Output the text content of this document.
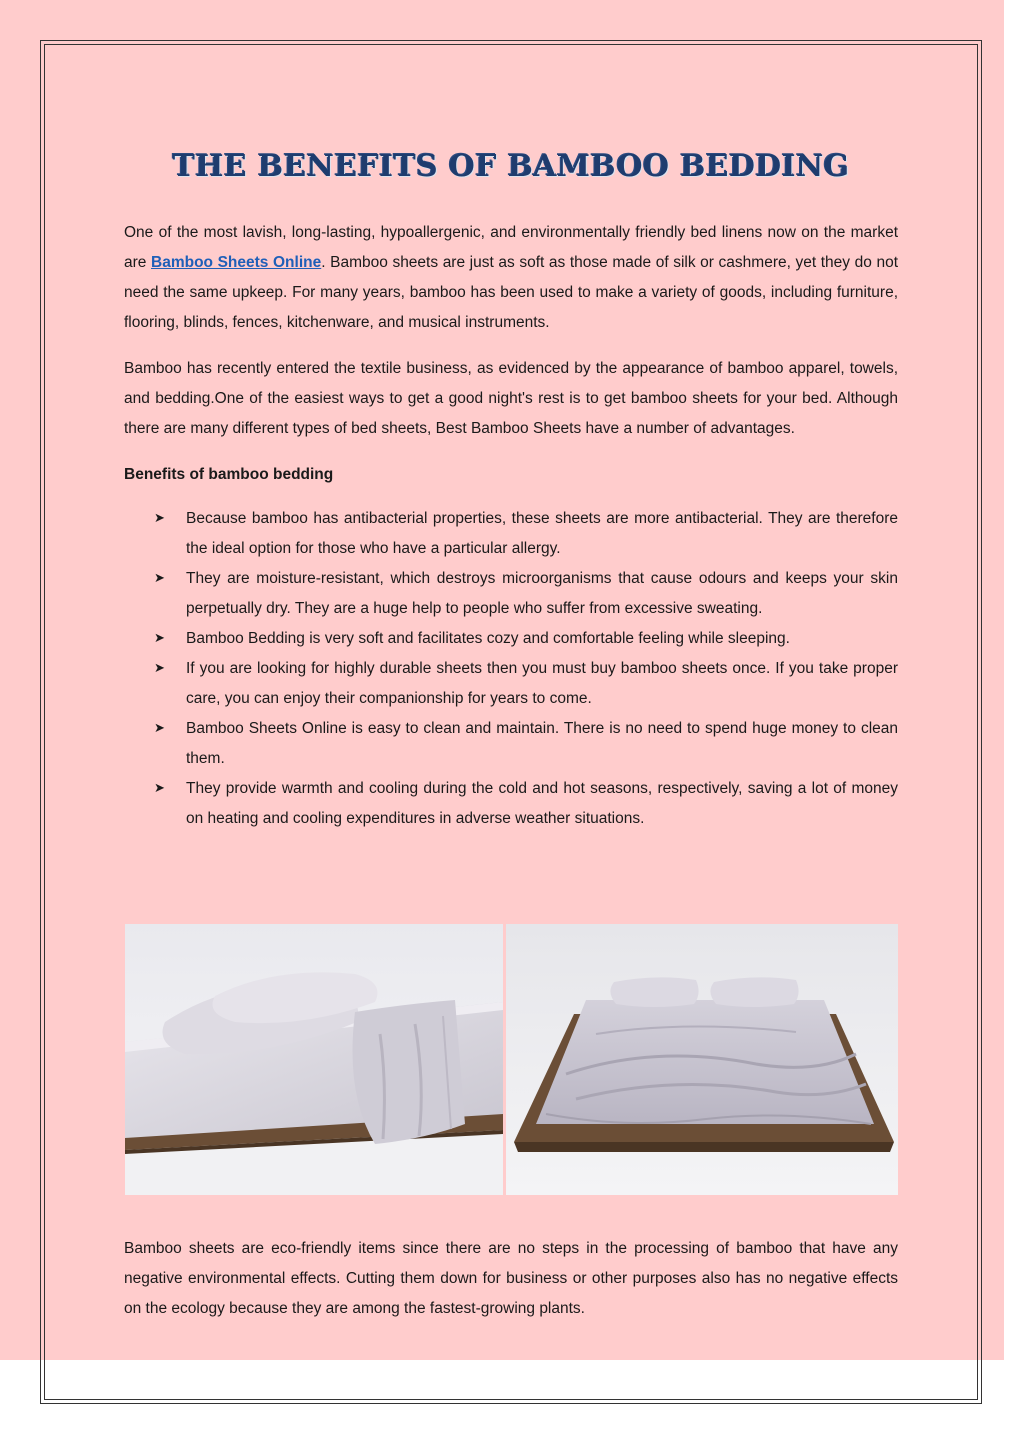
THE BENEFITS OF BAMBOO BEDDING

One of the most lavish, long-lasting, hypoallergenic, and environmentally friendly bed linens now on the market are Bamboo Sheets Online. Bamboo sheets are just as soft as those made of silk or cashmere, yet they do not need the same upkeep. For many years, bamboo has been used to make a variety of goods, including furniture, flooring, blinds, fences, kitchenware, and musical instruments.

Bamboo has recently entered the textile business, as evidenced by the appearance of bamboo apparel, towels, and bedding.One of the easiest ways to get a good night's rest is to get bamboo sheets for your bed. Although there are many different types of bed sheets, Best Bamboo Sheets have a number of advantages.

Benefits of bamboo bedding

➤ Because bamboo has antibacterial properties, these sheets are more antibacterial. They are therefore the ideal option for those who have a particular allergy.
➤ They are moisture-resistant, which destroys microorganisms that cause odours and keeps your skin perpetually dry. They are a huge help to people who suffer from excessive sweating.
➤ Bamboo Bedding is very soft and facilitates cozy and comfortable feeling while sleeping.
➤ If you are looking for highly durable sheets then you must buy bamboo sheets once. If you take proper care, you can enjoy their companionship for years to come.
➤ Bamboo Sheets Online is easy to clean and maintain. There is no need to spend huge money to clean them.
➤ They provide warmth and cooling during the cold and hot seasons, respectively, saving a lot of money on heating and cooling expenditures in adverse weather situations.

Bamboo sheets are eco-friendly items since there are no steps in the processing of bamboo that have any negative environmental effects. Cutting them down for business or other purposes also has no negative effects on the ecology because they are among the fastest-growing plants.
